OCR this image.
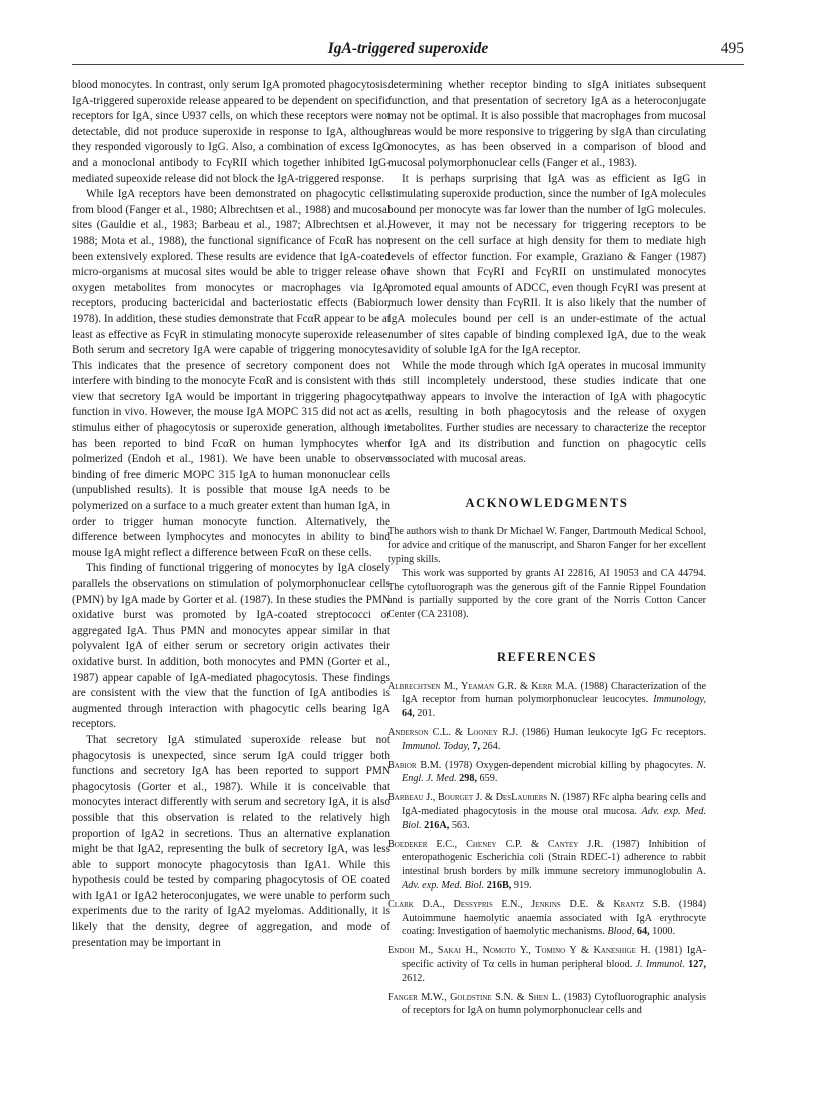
IgA-triggered superoxide	495

blood monocytes. In contrast, only serum IgA promoted phagocytosis. IgA-triggered superoxide release appeared to be dependent on specific receptors for IgA, since U937 cells, on which these receptors were not detectable, did not produce superoxide in response to IgA, although they responded vigorously to IgG. Also, a combination of excess IgG and a monoclonal antibody to FcγRII which together inhibited IgG-mediated supeoxide release did not block the IgA-triggered response.

While IgA receptors have been demonstrated on phagocytic cells from blood (Fanger et al., 1980; Albrechtsen et al., 1988) and mucosal sites (Gauldie et al., 1983; Barbeau et al., 1987; Albrechtsen et al., 1988; Mota et al., 1988), the functional significance of FcαR has not been extensively explored. These results are evidence that IgA-coated micro-organisms at mucosal sites would be able to trigger release of oxygen metabolites from monocytes or macrophages via IgA receptors, producing bactericidal and bacteriostatic effects (Babior, 1978). In addition, these studies demonstrate that FcαR appear to be at least as effective as FcγR in stimulating monocyte superoxide release. Both serum and secretory IgA were capable of triggering monocytes. This indicates that the presence of secretory component does not interfere with binding to the monocyte FcαR and is consistent with the view that secretory IgA would be important in triggering phagocyte function in vivo. However, the mouse IgA MOPC 315 did not act as a stimulus either of phagocytosis or superoxide generation, although it has been reported to bind FcαR on human lymphocytes when polmerized (Endoh et al., 1981). We have been unable to observe binding of free dimeric MOPC 315 IgA to human mononuclear cells (unpublished results). It is possible that mouse IgA needs to be polymerized on a surface to a much greater extent than human IgA, in order to trigger human monocyte function. Alternatively, the difference between lymphocytes and monocytes in ability to bind mouse IgA might reflect a difference between FcαR on these cells.

This finding of functional triggering of monocytes by IgA closely parallels the observations on stimulation of polymorphonuclear cells (PMN) by IgA made by Gorter et al. (1987). In these studies the PMN oxidative burst was promoted by IgA-coated streptococci or aggregated IgA. Thus PMN and monocytes appear similar in that polyvalent IgA of either serum or secretory origin activates their oxidative burst. In addition, both monocytes and PMN (Gorter et al., 1987) appear capable of IgA-mediated phagocytosis. These findings are consistent with the view that the function of IgA antibodies is augmented through interaction with phagocytic cells bearing IgA receptors.

That secretory IgA stimulated superoxide release but not phagocytosis is unexpected, since serum IgA could trigger both functions and secretory IgA has been reported to support PMN phagocytosis (Gorter et al., 1987). While it is conceivable that monocytes interact differently with serum and secretory IgA, it is also possible that this observation is related to the relatively high proportion of IgA2 in secretions. Thus an alternative explanation might be that IgA2, representing the bulk of secretory IgA, was less able to support monocyte phagocytosis than IgA1. While this hypothesis could be tested by comparing phagocytosis of OE coated with IgA1 or IgA2 heteroconjugates, we were unable to perform such experiments due to the rarity of IgA2 myelomas. Additionally, it is likely that the density, degree of aggregation, and mode of presentation may be important in

determining whether receptor binding to sIgA initiates subsequent function, and that presentation of secretory IgA as a heteroconjugate may not be optimal. It is also possible that macrophages from mucosal areas would be more responsive to triggering by sIgA than circulating monocytes, as has been observed in a comparison of blood and mucosal polymorphonuclear cells (Fanger et al., 1983).

It is perhaps surprising that IgA was as efficient as IgG in stimulating superoxide production, since the number of IgA molecules bound per monocyte was far lower than the number of IgG molecules. However, it may not be necessary for triggering receptors to be present on the cell surface at high density for them to mediate high levels of effector function. For example, Graziano & Fanger (1987) have shown that FcγRI and FcγRII on unstimulated monocytes promoted equal amounts of ADCC, even though FcγRI was present at much lower density than FcγRII. It is also likely that the number of IgA molecules bound per cell is an under-estimate of the actual number of sites capable of binding complexed IgA, due to the weak avidity of soluble IgA for the IgA receptor.

While the mode through which IgA operates in mucosal immunity is still incompletely understood, these studies indicate that one pathway appears to involve the interaction of IgA with phagocytic cells, resulting in both phagocytosis and the release of oxygen metabolites. Further studies are necessary to characterize the receptor for IgA and its distribution and function on phagocytic cells associated with mucosal areas.

ACKNOWLEDGMENTS

The authors wish to thank Dr Michael W. Fanger, Dartmouth Medical School, for advice and critique of the manuscript, and Sharon Fanger for her excellent typing skills.

This work was supported by grants AI 22816, AI 19053 and CA 44794. The cytofluorograph was the generous gift of the Fannie Rippel Foundation and is partially supported by the core grant of the Norris Cotton Cancer Center (CA 23108).

REFERENCES
Albrechtsen M., Yeaman G.R. & Kerr M.A. (1988) Characterization of the IgA receptor from human polymorphonuclear leucocytes. Immunology, 64, 201.
Anderson C.L. & Looney R.J. (1986) Human leukocyte IgG Fc receptors. Immunol. Today, 7, 264.
Babior B.M. (1978) Oxygen-dependent microbial killing by phagocytes. N. Engl. J. Med. 298, 659.
Barbeau J., Bourget J. & DesLauriers N. (1987) RFc alpha bearing cells and IgA-mediated phagocytosis in the mouse oral mucosa. Adv. exp. Med. Biol. 216A, 563.
Boedeker E.C., Cheney C.P. & Cantey J.R. (1987) Inhibition of enteropathogenic Escherichia coli (Strain RDEC-1) adherence to rabbit intestinal brush borders by milk immune secretory immunoglobulin A. Adv. exp. Med. Biol. 216B, 919.
Clark D.A., Dessypris E.N., Jenkins D.E. & Krantz S.B. (1984) Autoimmune haemolytic anaemia associated with IgA erythrocyte coating: Investigation of haemolytic mechanisms. Blood, 64, 1000.
Endoh M., Sakai H., Nomoto Y., Tomino Y & Kaneshige H. (1981) IgA-specific activity of Tα cells in human peripheral blood. J. Immunol. 127, 2612.
Fanger M.W., Goldstine S.N. & Shen L. (1983) Cytofluorographic analysis of receptors for IgA on humn polymorphonuclear cells and
